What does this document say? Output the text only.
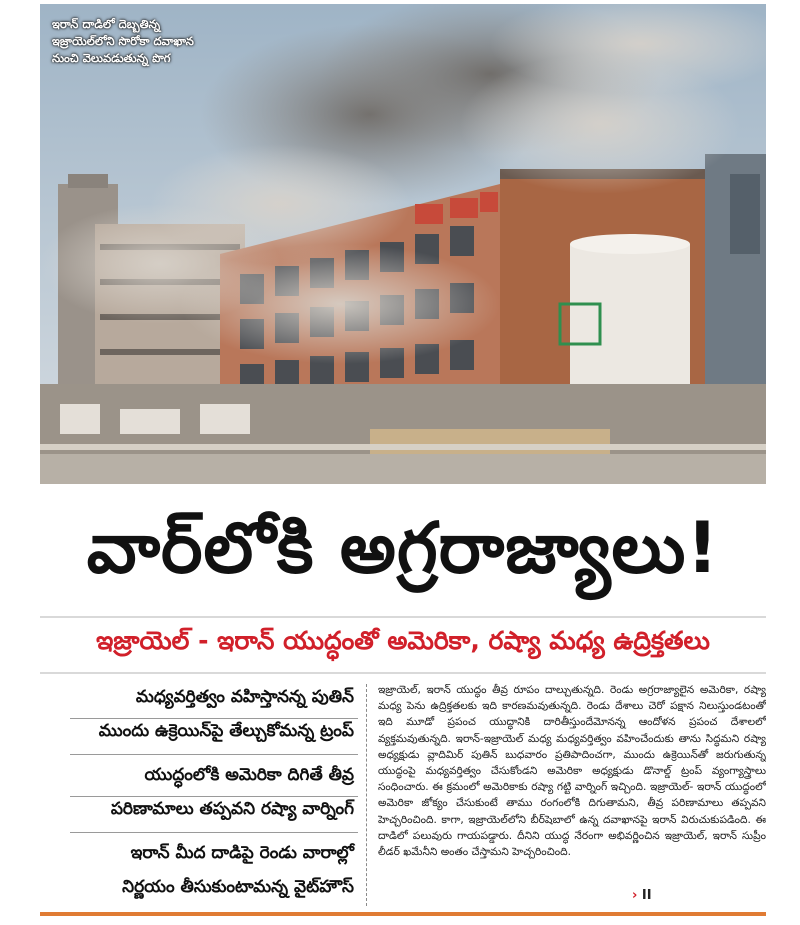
ఇరాన్ దాడిలో దెబ్బతిన్న
ఇజ్రాయెల్‌లోని సొరోకా దవాఖాన
నుంచి వెలువడుతున్న పొగ
వార్‌లోకి అగ్రరాజ్యాలు!
ఇజ్రాయెల్ - ఇరాన్ యుద్ధంతో అమెరికా, రష్యా మధ్య ఉద్రిక్తతలు
మధ్యవర్తిత్వం వహిస్తానన్న పుతిన్
ముందు ఉక్రెయిన్‌పై తేల్చుకోమన్న ట్రంప్
యుద్ధంలోకి అమెరికా దిగితే తీవ్ర
పరిణామాలు తప్పవని రష్యా వార్నింగ్
ఇరాన్ మీద దాడిపై రెండు వారాల్లో
నిర్ణయం తీసుకుంటామన్న వైట్‌హౌస్
ఇజ్రాయెల్, ఇరాన్ యుద్ధం తీవ్ర రూపం దాల్చుతున్నది. రెండు అగ్రరాజ్యాలైన అమెరికా, రష్యా మధ్య పెను ఉద్రిక్తతలకు ఇది కారణమవుతున్నది. రెండు దేశాలు చెరో పక్షాన నిలుస్తుండటంతో ఇది మూడో ప్రపంచ యుద్ధానికి దారితీస్తుందేమోనన్న ఆందోళన ప్రపంచ దేశాలలో వ్యక్తమవుతున్నది. ఇరాన్-ఇజ్రాయెల్ మధ్య మధ్యవర్తిత్వం వహించేందుకు తాను సిద్ధమని రష్యా అధ్యక్షుడు వ్లాదిమిర్ పుతిన్ బుధవారం ప్రతిపాదించగా, ముందు ఉక్రెయిన్‌తో జరుగుతున్న యుద్ధంపై మధ్యవర్తిత్వం చేసుకోండని అమెరికా అధ్యక్షుడు డొనాల్డ్ ట్రంప్ వ్యంగ్యాస్త్రాలు సంధించారు. ఈ క్రమంలో అమెరికాకు రష్యా గట్టి వార్నింగ్ ఇచ్చింది. ఇజ్రాయెల్- ఇరాన్ యుద్ధంలో అమెరికా జోక్యం చేసుకుంటే తాము రంగంలోకి దిగుతామని, తీవ్ర పరిణామాలు తప్పవని హెచ్చరించింది. కాగా, ఇజ్రాయెల్‌లోని బీర్‌షెబాలో ఉన్న దవాఖానపై ఇరాన్ విరుచుకుపడింది. ఈ దాడిలో పలువురు గాయపడ్డారు. దీనిని యుద్ధ నేరంగా అభివర్ణించిన ఇజ్రాయెల్, ఇరాన్ సుప్రీం లీడర్ ఖమేనీని అంతం చేస్తామని హెచ్చరించింది.
› II
